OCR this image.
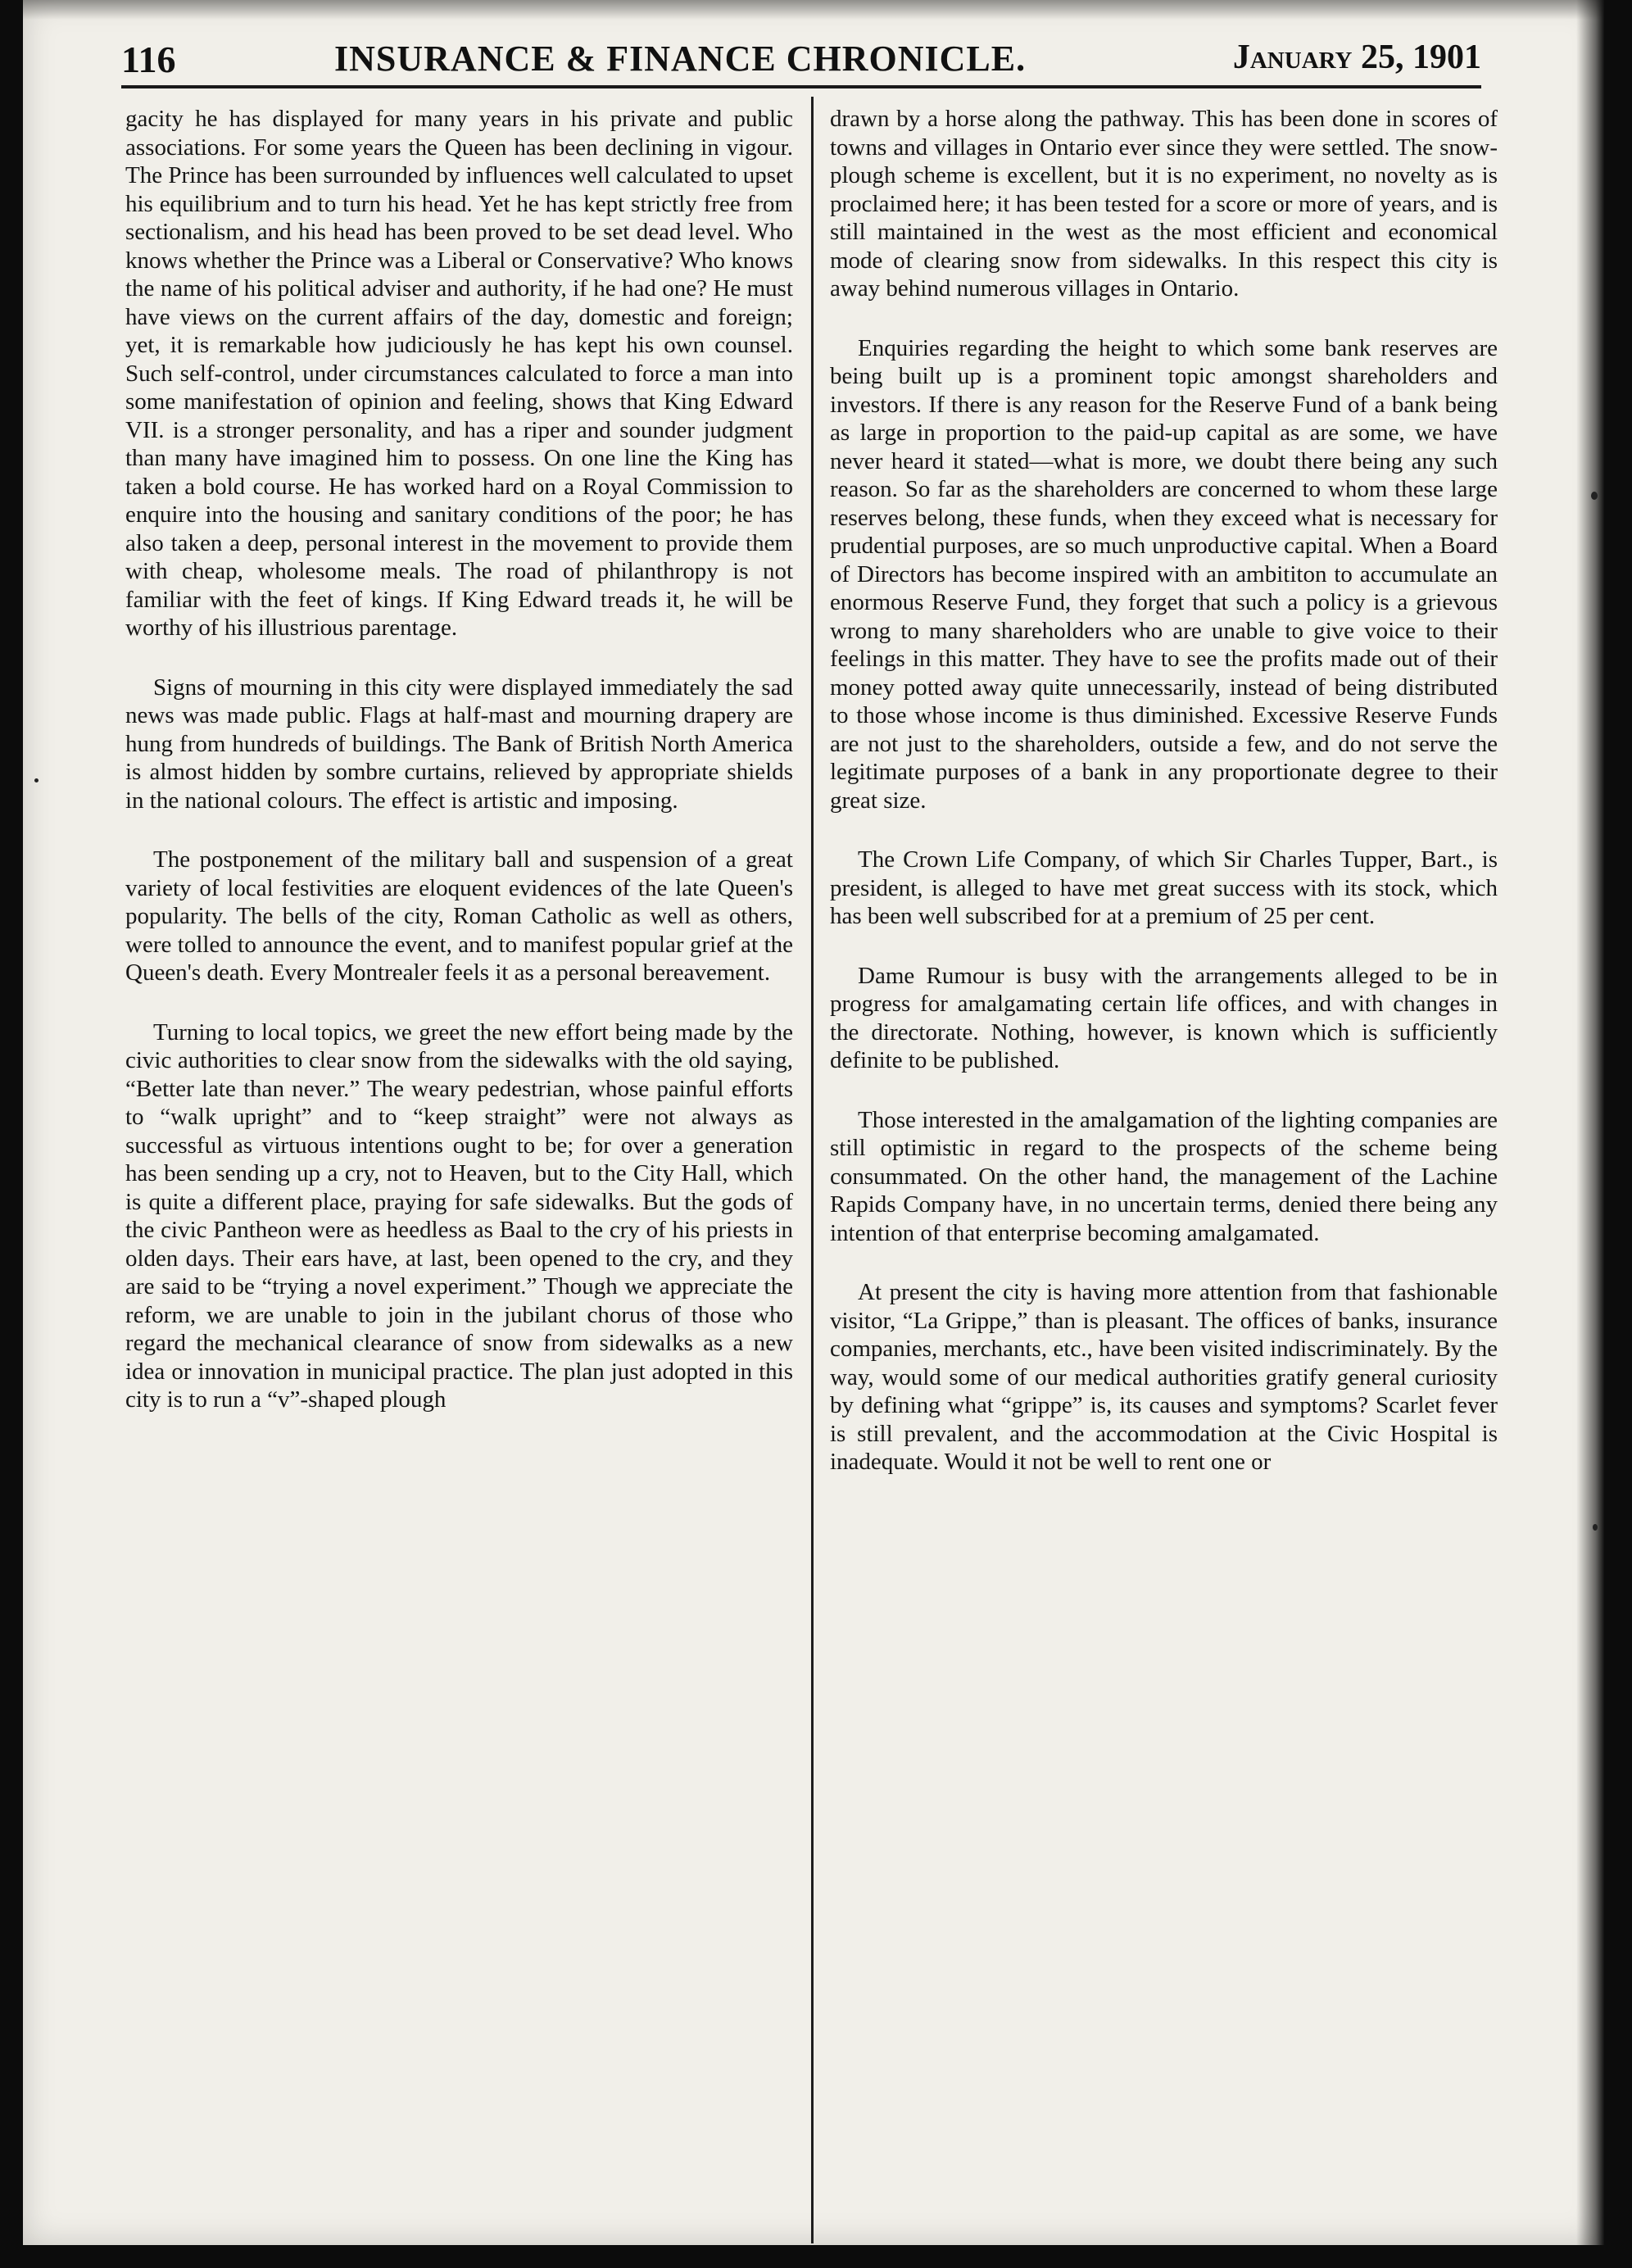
116	INSURANCE & FINANCE CHRONICLE.	January 25, 1901

gacity he has displayed for many years in his private and public associations. For some years the Queen has been declining in vigour. The Prince has been surrounded by influences well calculated to upset his equilibrium and to turn his head. Yet he has kept strictly free from sectionalism, and his head has been proved to be set dead level. Who knows whether the Prince was a Liberal or Conservative? Who knows the name of his political adviser and authority, if he had one? He must have views on the current affairs of the day, domestic and foreign; yet, it is remarkable how judiciously he has kept his own counsel. Such self-control, under circumstances calculated to force a man into some manifestation of opinion and feeling, shows that King Edward VII. is a stronger personality, and has a riper and sounder judgment than many have imagined him to possess. On one line the King has taken a bold course. He has worked hard on a Royal Commission to enquire into the housing and sanitary conditions of the poor; he has also taken a deep, personal interest in the movement to provide them with cheap, wholesome meals. The road of philanthropy is not familiar with the feet of kings. If King Edward treads it, he will be worthy of his illustrious parentage.

Signs of mourning in this city were displayed immediately the sad news was made public. Flags at half-mast and mourning drapery are hung from hundreds of buildings. The Bank of British North America is almost hidden by sombre curtains, relieved by appropriate shields in the national colours. The effect is artistic and imposing.

The postponement of the military ball and suspension of a great variety of local festivities are eloquent evidences of the late Queen's popularity. The bells of the city, Roman Catholic as well as others, were tolled to announce the event, and to manifest popular grief at the Queen's death. Every Montrealer feels it as a personal bereavement.

Turning to local topics, we greet the new effort being made by the civic authorities to clear snow from the sidewalks with the old saying, “Better late than never.” The weary pedestrian, whose painful efforts to “walk upright” and to “keep straight” were not always as successful as virtuous intentions ought to be; for over a generation has been sending up a cry, not to Heaven, but to the City Hall, which is quite a different place, praying for safe sidewalks. But the gods of the civic Pantheon were as heedless as Baal to the cry of his priests in olden days. Their ears have, at last, been opened to the cry, and they are said to be “trying a novel experiment.” Though we appreciate the reform, we are unable to join in the jubilant chorus of those who regard the mechanical clearance of snow from sidewalks as a new idea or innovation in municipal practice. The plan just adopted in this city is to run a “v”-shaped plough

drawn by a horse along the pathway. This has been done in scores of towns and villages in Ontario ever since they were settled. The snow-plough scheme is excellent, but it is no experiment, no novelty as is proclaimed here; it has been tested for a score or more of years, and is still maintained in the west as the most efficient and economical mode of clearing snow from sidewalks. In this respect this city is away behind numerous villages in Ontario.

Enquiries regarding the height to which some bank reserves are being built up is a prominent topic amongst shareholders and investors. If there is any reason for the Reserve Fund of a bank being as large in proportion to the paid-up capital as are some, we have never heard it stated—what is more, we doubt there being any such reason. So far as the shareholders are concerned to whom these large reserves belong, these funds, when they exceed what is necessary for prudential purposes, are so much unproductive capital. When a Board of Directors has become inspired with an ambititon to accumulate an enormous Reserve Fund, they forget that such a policy is a grievous wrong to many shareholders who are unable to give voice to their feelings in this matter. They have to see the profits made out of their money potted away quite unnecessarily, instead of being distributed to those whose income is thus diminished. Excessive Reserve Funds are not just to the shareholders, outside a few, and do not serve the legitimate purposes of a bank in any proportionate degree to their great size.

The Crown Life Company, of which Sir Charles Tupper, Bart., is president, is alleged to have met great success with its stock, which has been well subscribed for at a premium of 25 per cent.

Dame Rumour is busy with the arrangements alleged to be in progress for amalgamating certain life offices, and with changes in the directorate. Nothing, however, is known which is sufficiently definite to be published.

Those interested in the amalgamation of the lighting companies are still optimistic in regard to the prospects of the scheme being consummated. On the other hand, the management of the Lachine Rapids Company have, in no uncertain terms, denied there being any intention of that enterprise becoming amalgamated.

At present the city is having more attention from that fashionable visitor, “La Grippe,” than is pleasant. The offices of banks, insurance companies, merchants, etc., have been visited indiscriminately. By the way, would some of our medical authorities gratify general curiosity by defining what “grippe” is, its causes and symptoms? Scarlet fever is still prevalent, and the accommodation at the Civic Hospital is inadequate. Would it not be well to rent one or
